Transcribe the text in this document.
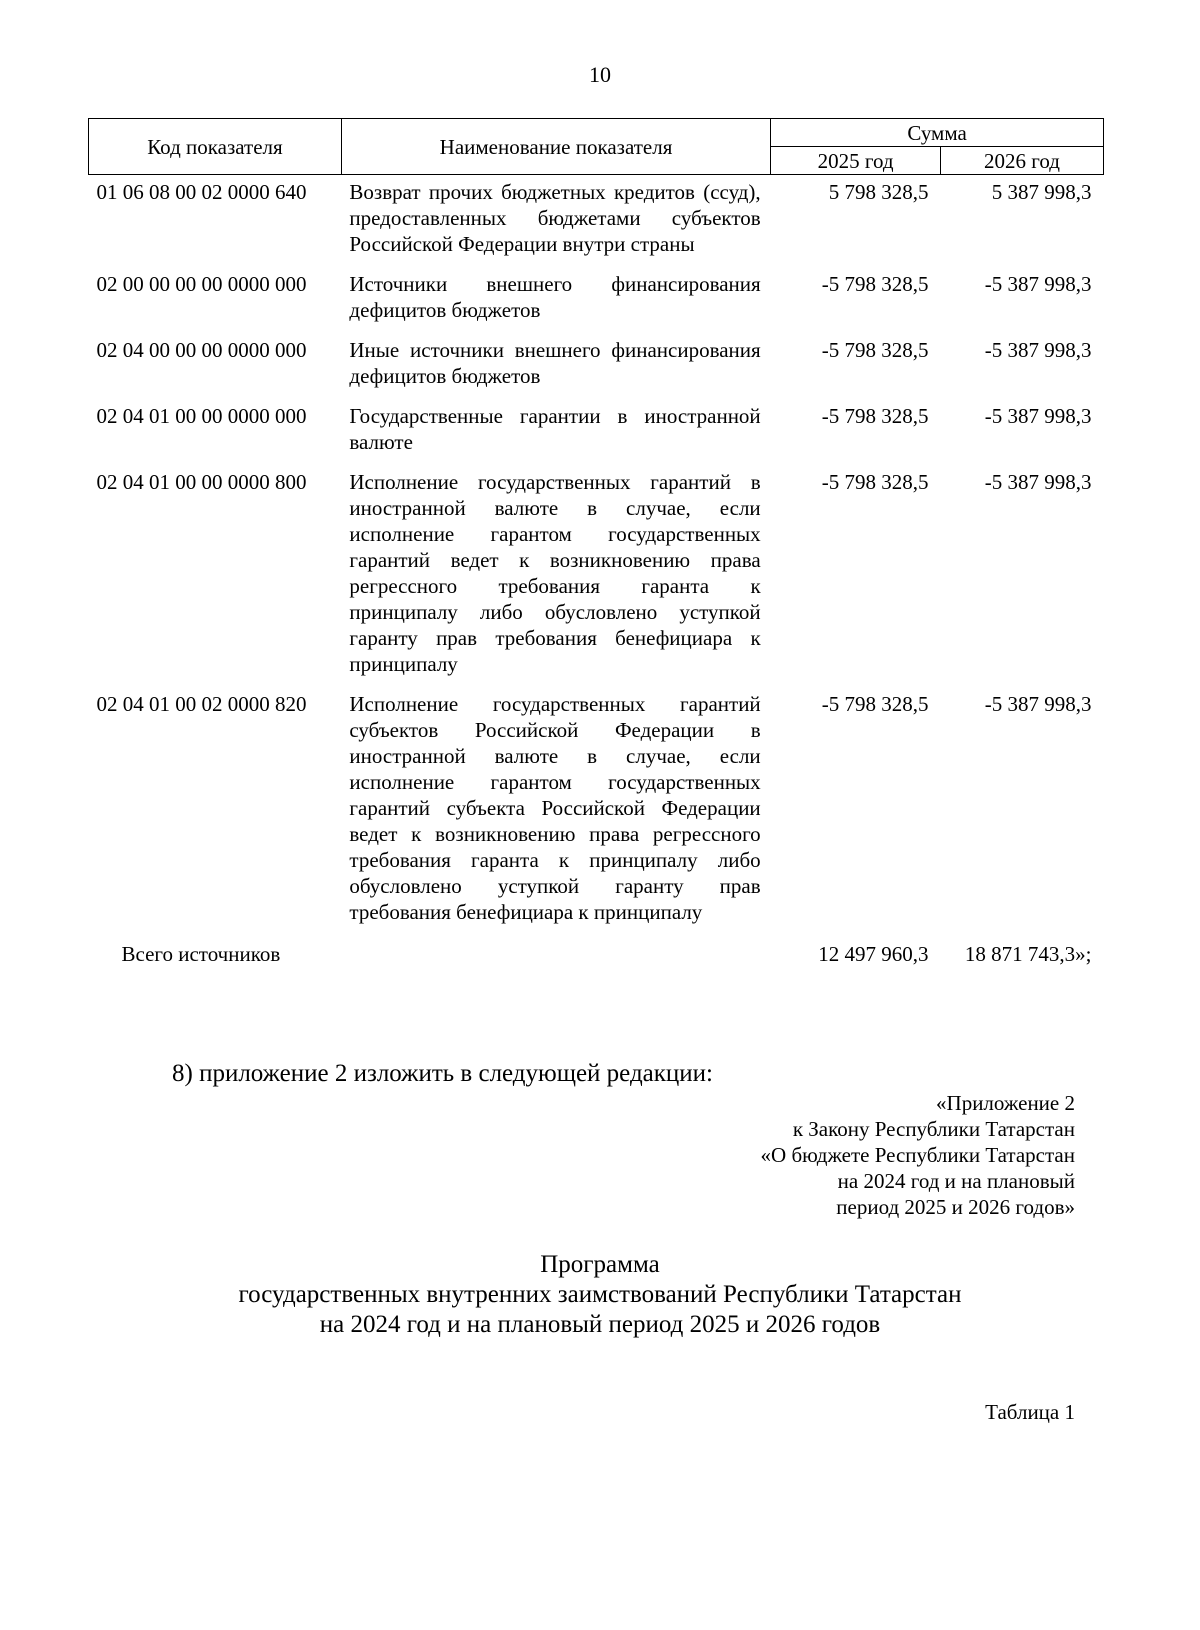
10
Код показателя	Наименование показателя	Сумма	
		2025 год	2026 год
01 06 08 00 02 0000 640	Возврат прочих бюджетных кредитов (ссуд), предоставленных бюджетами субъектов Российской Федерации внутри страны	5 798 328,5	5 387 998,3
02 00 00 00 00 0000 000	Источники внешнего финансирования дефицитов бюджетов	-5 798 328,5	-5 387 998,3
02 04 00 00 00 0000 000	Иные источники внешнего финансирования дефицитов бюджетов	-5 798 328,5	-5 387 998,3
02 04 01 00 00 0000 000	Государственные гарантии в иностранной валюте	-5 798 328,5	-5 387 998,3
02 04 01 00 00 0000 800	Исполнение государственных гарантий в иностранной валюте в случае, если исполнение гарантом государственных гарантий ведет к возникновению права регрессного требования гаранта к принципалу либо обусловлено уступкой гаранту прав требования бенефициара к принципалу	-5 798 328,5	-5 387 998,3
02 04 01 00 02 0000 820	Исполнение государственных гарантий субъектов Российской Федерации в иностранной валюте в случае, если исполнение гарантом государственных гарантий субъекта Российской Федерации ведет к возникновению права регрессного требования гаранта к принципалу либо обусловлено уступкой гаранту прав требования бенефициара к принципалу	-5 798 328,5	-5 387 998,3
Всего источников		12 497 960,3	18 871 743,3»;
8) приложение 2 изложить в следующей редакции:
«Приложение 2
к Закону Республики Татарстан
«О бюджете Республики Татарстан
на 2024 год и на плановый
период 2025 и 2026 годов»
Программа
государственных внутренних заимствований Республики Татарстан
на 2024 год и на плановый период 2025 и 2026 годов
Таблица 1
